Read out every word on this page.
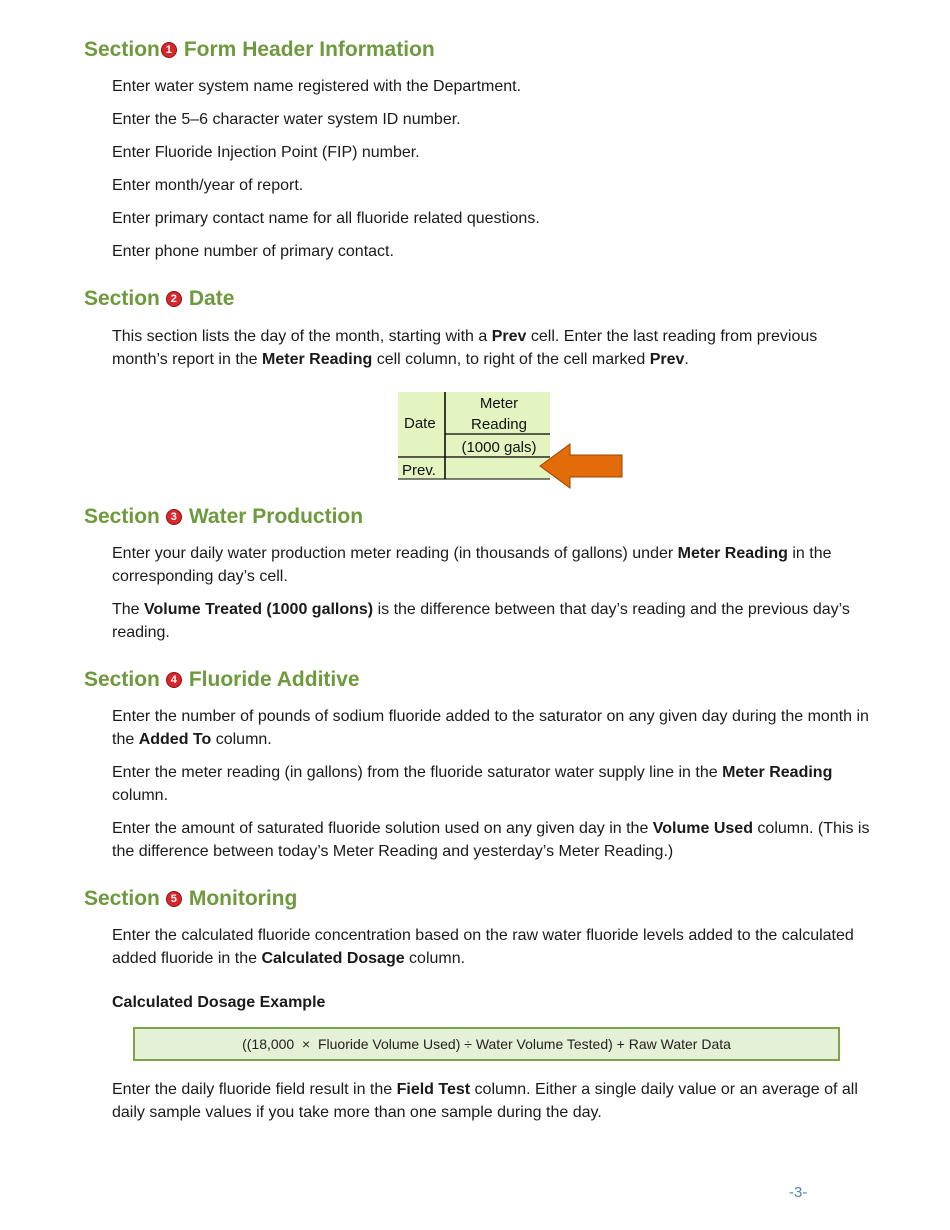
Section 1 Form Header Information
Enter water system name registered with the Department.
Enter the 5–6 character water system ID number.
Enter Fluoride Injection Point (FIP) number.
Enter month/year of report.
Enter primary contact name for all fluoride related questions.
Enter phone number of primary contact.
Section 2 Date
This section lists the day of the month, starting with a Prev cell. Enter the last reading from previous month’s report in the Meter Reading cell column, to right of the cell marked Prev.
Date
Meter
Reading
(1000 gals)
Prev.
Section 3 Water Production
Enter your daily water production meter reading (in thousands of gallons) under Meter Reading in the corresponding day’s cell.
The Volume Treated (1000 gallons) is the difference between that day’s reading and the previous day’s reading.
Section 4 Fluoride Additive
Enter the number of pounds of sodium fluoride added to the saturator on any given day during the month in the Added To column.
Enter the meter reading (in gallons) from the fluoride saturator water supply line in the Meter Reading column.
Enter the amount of saturated fluoride solution used on any given day in the Volume Used column. (This is the difference between today’s Meter Reading and yesterday’s Meter Reading.)
Section 5 Monitoring
Enter the calculated fluoride concentration based on the raw water fluoride levels added to the calculated added fluoride in the Calculated Dosage column.
Calculated Dosage Example
((18,000  ×  Fluoride Volume Used) ÷ Water Volume Tested) + Raw Water Data
Enter the daily fluoride field result in the Field Test column. Either a single daily value or an average of all daily sample values if you take more than one sample during the day.
-3-
